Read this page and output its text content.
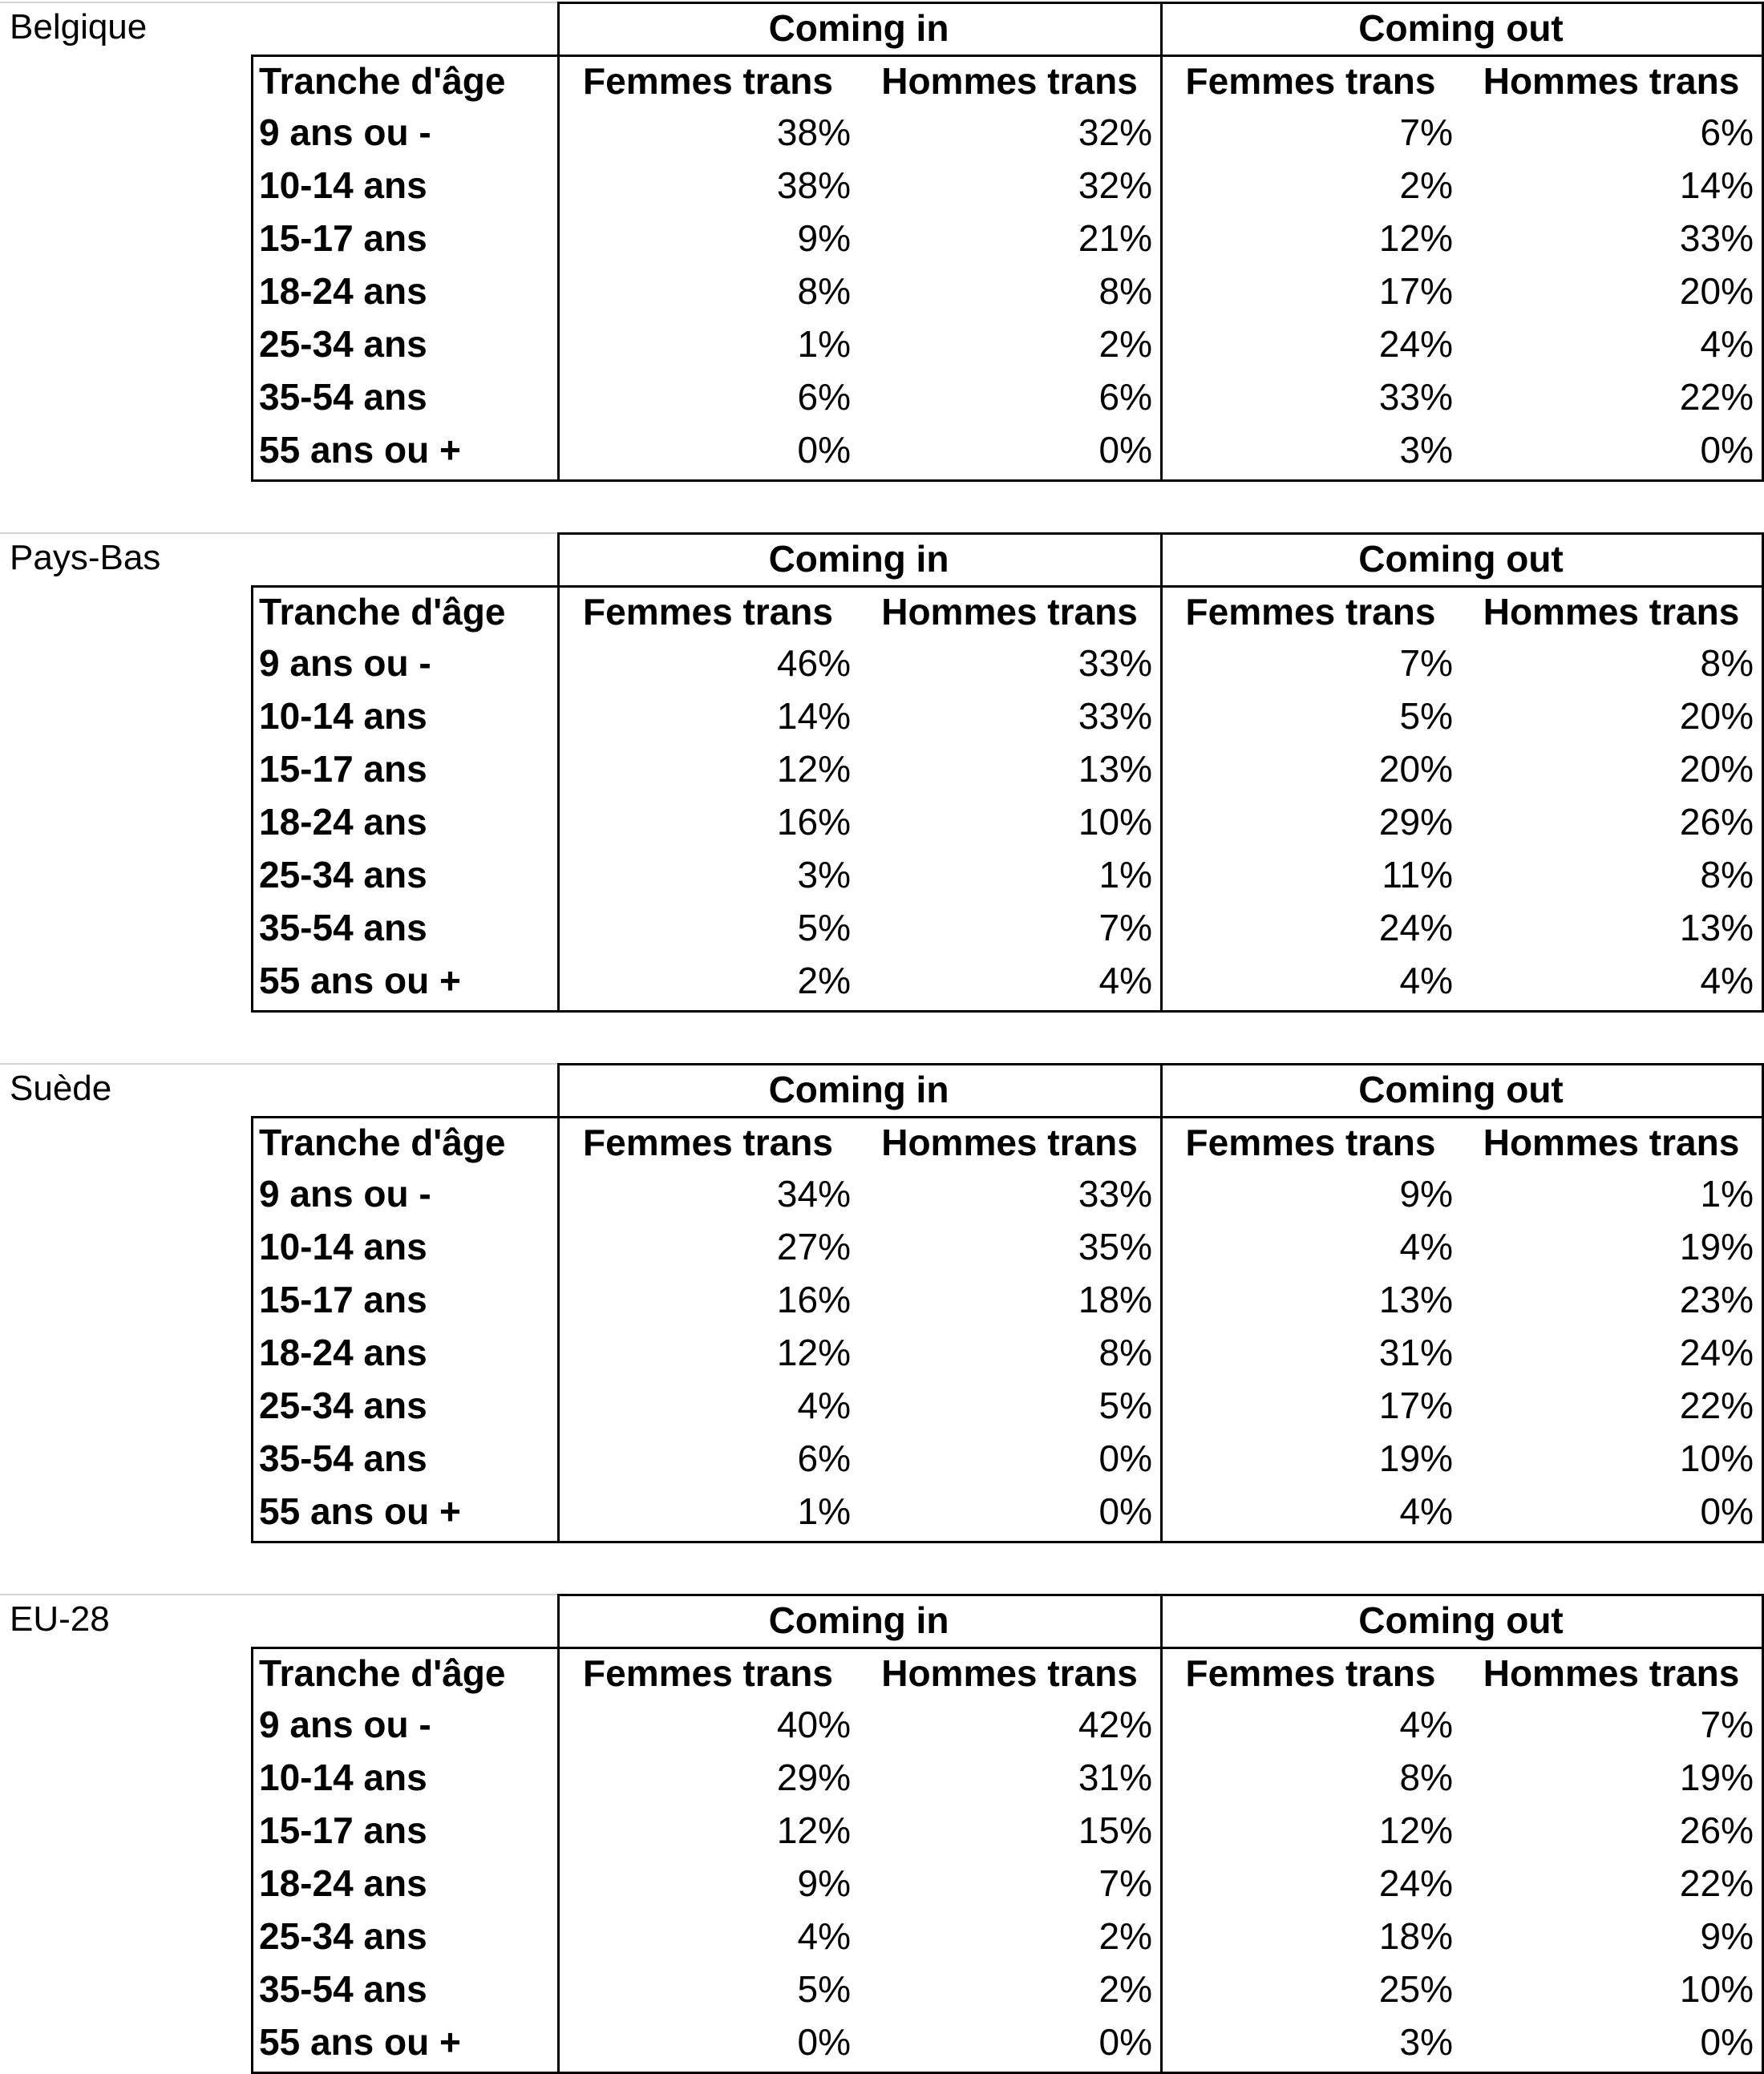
Belgique	Coming in	Coming out
Tranche d'âge	Femmes trans	Hommes trans	Femmes trans	Hommes trans
9 ans ou -	38%	32%	7%	6%
10-14 ans	38%	32%	2%	14%
15-17 ans	9%	21%	12%	33%
18-24 ans	8%	8%	17%	20%
25-34 ans	1%	2%	24%	4%
35-54 ans	6%	6%	33%	22%
55 ans ou +	0%	0%	3%	0%
Pays-Bas	Coming in	Coming out
Tranche d'âge	Femmes trans	Hommes trans	Femmes trans	Hommes trans
9 ans ou -	46%	33%	7%	8%
10-14 ans	14%	33%	5%	20%
15-17 ans	12%	13%	20%	20%
18-24 ans	16%	10%	29%	26%
25-34 ans	3%	1%	11%	8%
35-54 ans	5%	7%	24%	13%
55 ans ou +	2%	4%	4%	4%
Suède	Coming in	Coming out
Tranche d'âge	Femmes trans	Hommes trans	Femmes trans	Hommes trans
9 ans ou -	34%	33%	9%	1%
10-14 ans	27%	35%	4%	19%
15-17 ans	16%	18%	13%	23%
18-24 ans	12%	8%	31%	24%
25-34 ans	4%	5%	17%	22%
35-54 ans	6%	0%	19%	10%
55 ans ou +	1%	0%	4%	0%
EU-28	Coming in	Coming out
Tranche d'âge	Femmes trans	Hommes trans	Femmes trans	Hommes trans
9 ans ou -	40%	42%	4%	7%
10-14 ans	29%	31%	8%	19%
15-17 ans	12%	15%	12%	26%
18-24 ans	9%	7%	24%	22%
25-34 ans	4%	2%	18%	9%
35-54 ans	5%	2%	25%	10%
55 ans ou +	0%	0%	3%	0%
